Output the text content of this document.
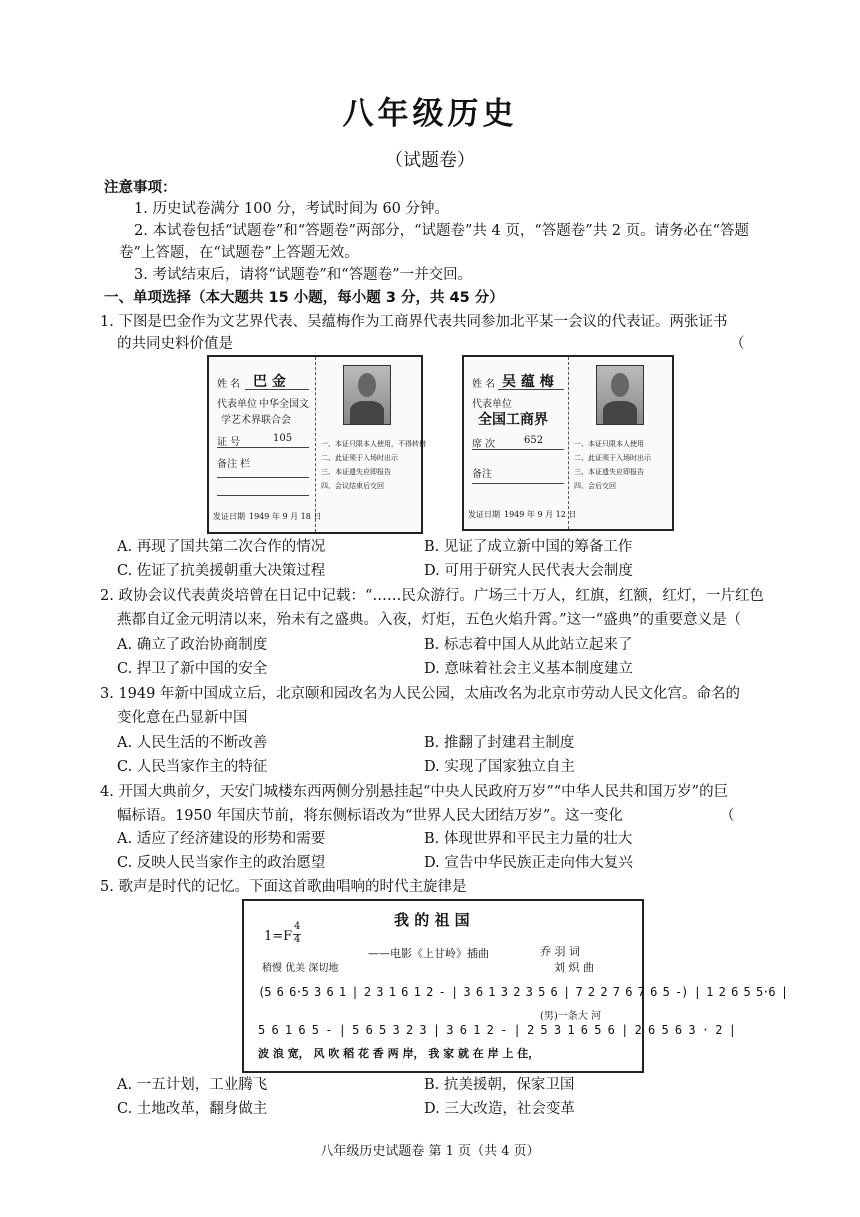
八年级历史
（试题卷）
注意事项：
1. 历史试卷满分 100 分，考试时间为 60 分钟。
2. 本试卷包括“试题卷”和“答题卷”两部分，“试题卷”共 4 页，“答题卷”共 2 页。请务必在“答题
卷”上答题，在“试题卷”上答题无效。
3. 考试结束后，请将“试题卷”和“答题卷”一并交回。
一、单项选择（本大题共 15 小题，每小题 3 分，共 45 分）
1. 下图是巴金作为文艺界代表、吴蕴梅作为工商界代表共同参加北平某一会议的代表证。两张证书
的共同史料价值是	（
姓 名 巴 金
代表单位 中华全国文
学艺术界联合会
证 号	105
备注 栏
发证日期 1949 年 9 月 18 日
一、本证只限本人使用，不得转借
二、此证须于入场时出示
三、本证遗失应即报告
四、会议结束后交回
姓 名 吴 蕴 梅
代表单位
全国工商界
席 次	652
备注
发证日期 1949 年 9 月 12 日
一、本证只限本人使用
二、此证须于入场时出示
三、本证遗失应即报告
四、会后交回
A. 再现了国共第二次合作的情况	B. 见证了成立新中国的筹备工作
C. 佐证了抗美援朝重大决策过程	D. 可用于研究人民代表大会制度
2. 政协会议代表黄炎培曾在日记中记载：“……民众游行。广场三十万人，红旗，红额，红灯，一片红色
燕都自辽金元明清以来，殆未有之盛典。入夜，灯炬，五色火焰升霄。”这一“盛典”的重要意义是（
A. 确立了政治协商制度	B. 标志着中国人从此站立起来了
C. 捍卫了新中国的安全	D. 意味着社会主义基本制度建立
3. 1949 年新中国成立后，北京颐和园改名为人民公园，太庙改名为北京市劳动人民文化宫。命名的
变化意在凸显新中国
A. 人民生活的不断改善	B. 推翻了封建君主制度
C. 人民当家作主的特征	D. 实现了国家独立自主
4. 开国大典前夕，天安门城楼东西两侧分别悬挂起“中央人民政府万岁”“中华人民共和国万岁”的巨
幅标语。1950 年国庆节前，将东侧标语改为“世界人民大团结万岁”。这一变化	（
A. 适应了经济建设的形势和需要	B. 体现世界和平民主力量的壮大
C. 反映人民当家作主的政治愿望	D. 宣告中华民族正走向伟大复兴
5. 歌声是时代的记忆。下面这首歌曲唱响的时代主旋律是
我 的 祖 国
1=F
4
4
——电影《上甘岭》插曲	乔 羽 词
刘 炽 曲
稍慢 优美 深切地
(5 6 6·5 3 6 1 | 2 3 1 6 1 2 - | 3 6 1 3 2 3 5 6 | 7 2 2 7 6 7 6 5 -) | 1 2 6 5 5·6 |
(男)一条大 河
5 6 1 6 5 - | 5 6 5 3 2 3 | 3 6 1 2 - | 2 5 3 1 6 5 6 | 2 6 5 6 3 · 2 |
波 浪 宽， 风 吹 稻 花 香 两 岸， 我 家 就 在 岸 上 住，
A. 一五计划，工业腾飞	B. 抗美援朝，保家卫国
C. 土地改革，翻身做主	D. 三大改造，社会变革
八年级历史试题卷 第 1 页（共 4 页）
